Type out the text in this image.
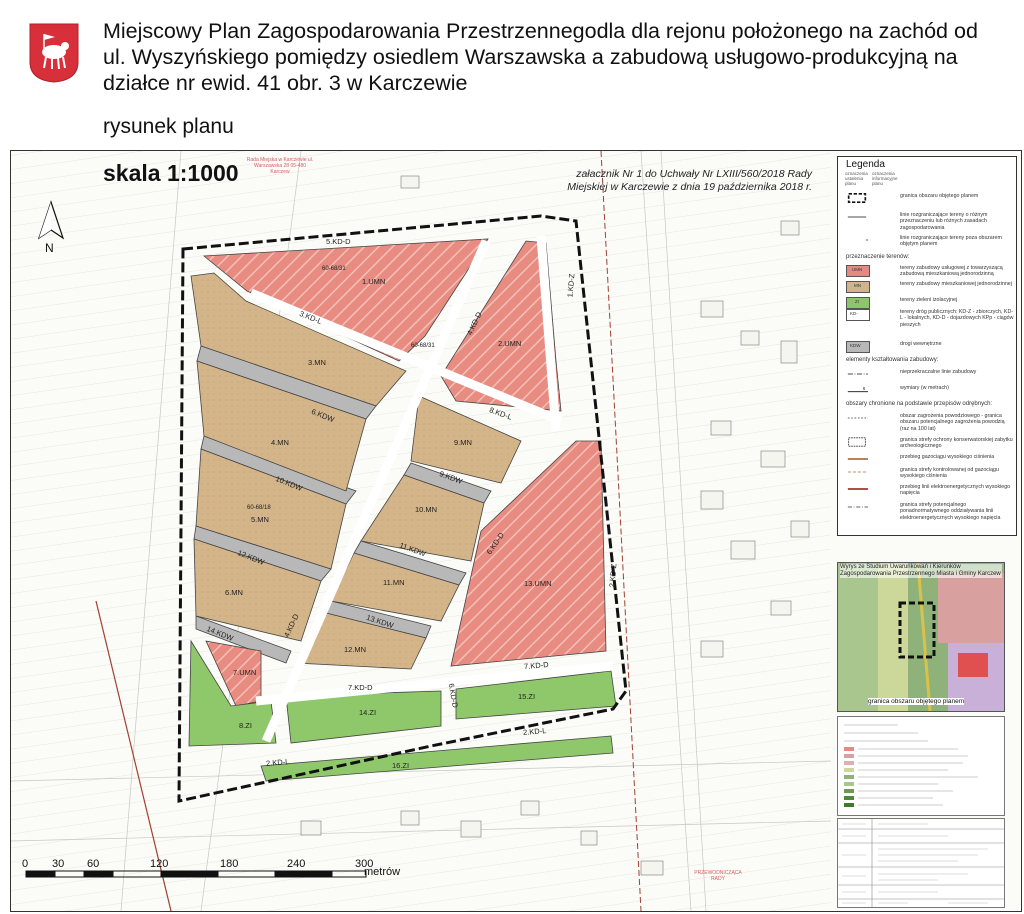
Miejscowy Plan Zagospodarowania Przestrzennegodla dla rejonu położonego na zachód od ul. Wyszyńskiego pomiędzy osiedlem Warszawska a zabudową usługowo-produkcyjną na działce nr ewid. 41 obr. 3 w Karczewie
rysunek planu
1.UMN
2.UMN
3.MN
4.MN
5.MN
6.MN
7.UMN
8.ZI
9.MN
10.MN
11.MN
12.MN
13.UMN
14.ZI
15.ZI
16.ZI
5.KD-D
3.KD-L
1.KD-Z
4.KD-D
6.KDW	8.KD-L
9.KDW
10.KDW
11.KDW
12.KDW
13.KDW
14.KDW	4.KD-D
6.KD-D
7.KD-D
7.KD-D	6.KD-D
2.KD-L
2.KD-L
2.KD-Z
60-68/31
60-68/31
60-68/18
skala 1:1000	załacznik Nr 1 do Uchwały Nr LXIII/560/2018 Rady Miejskiej w Karczewie z dnia 19 października 2018 r.
Rada Miejska w Karczewie ul. Warszawska 28 05-480 Karczew
PRZEWODNICZĄCA RADY
N
0 30 60	120	180	240	300
metrów
Legenda
oznaczenia ustalenia planu
oznaczenia informacyjne planu
granica obszaru objętego planem
linie rozgraniczające tereny o różnym przeznaczeniu lub różnych zasadach zagospodarowania
linie rozgraniczające tereny poza obszarem objętym planem
przeznaczenie terenów:
UMN	tereny zabudowy usługowej z towarzyszącą zabudową mieszkaniową jednorodzinną
MN	tereny zabudowy mieszkaniowej jednorodzinnej
ZI	tereny zieleni izolacyjnej
KD-	tereny dróg publicznych: KD-Z - zbiorczych, KD-L - lokalnych, KD-D - dojazdowych KPp - ciągów pieszych
KDW	drogi wewnętrzne
elementy kształtowania zabudowy:
nieprzekraczalne linie zabudowy
6	wymiary (w metrach)
obszary chronione na podstawie przepisów odrębnych:
obszar zagrożenia powodziowego - granica obszaru potencjalnego zagrożenia powodzią (raz na 100 lat)
granica strefy ochrony konserwatorskiej zabytku archeologicznego
przebieg gazociągu wysokiego ciśnienia
granica strefy kontrolowanej od gazociągu wysokiego ciśnienia
przebieg linii elektroenergetycznych wysokiego napięcia
granica strefy potencjalnego ponadnormatywnego oddziaływania linii elektroenergetycznych wysokiego napięcia
Wyrys ze Studium Uwarunkowań i Kierunków Zagospodarowania Przestrzennego Miasta i Gminy Karczew
granica obszaru objętego planem
